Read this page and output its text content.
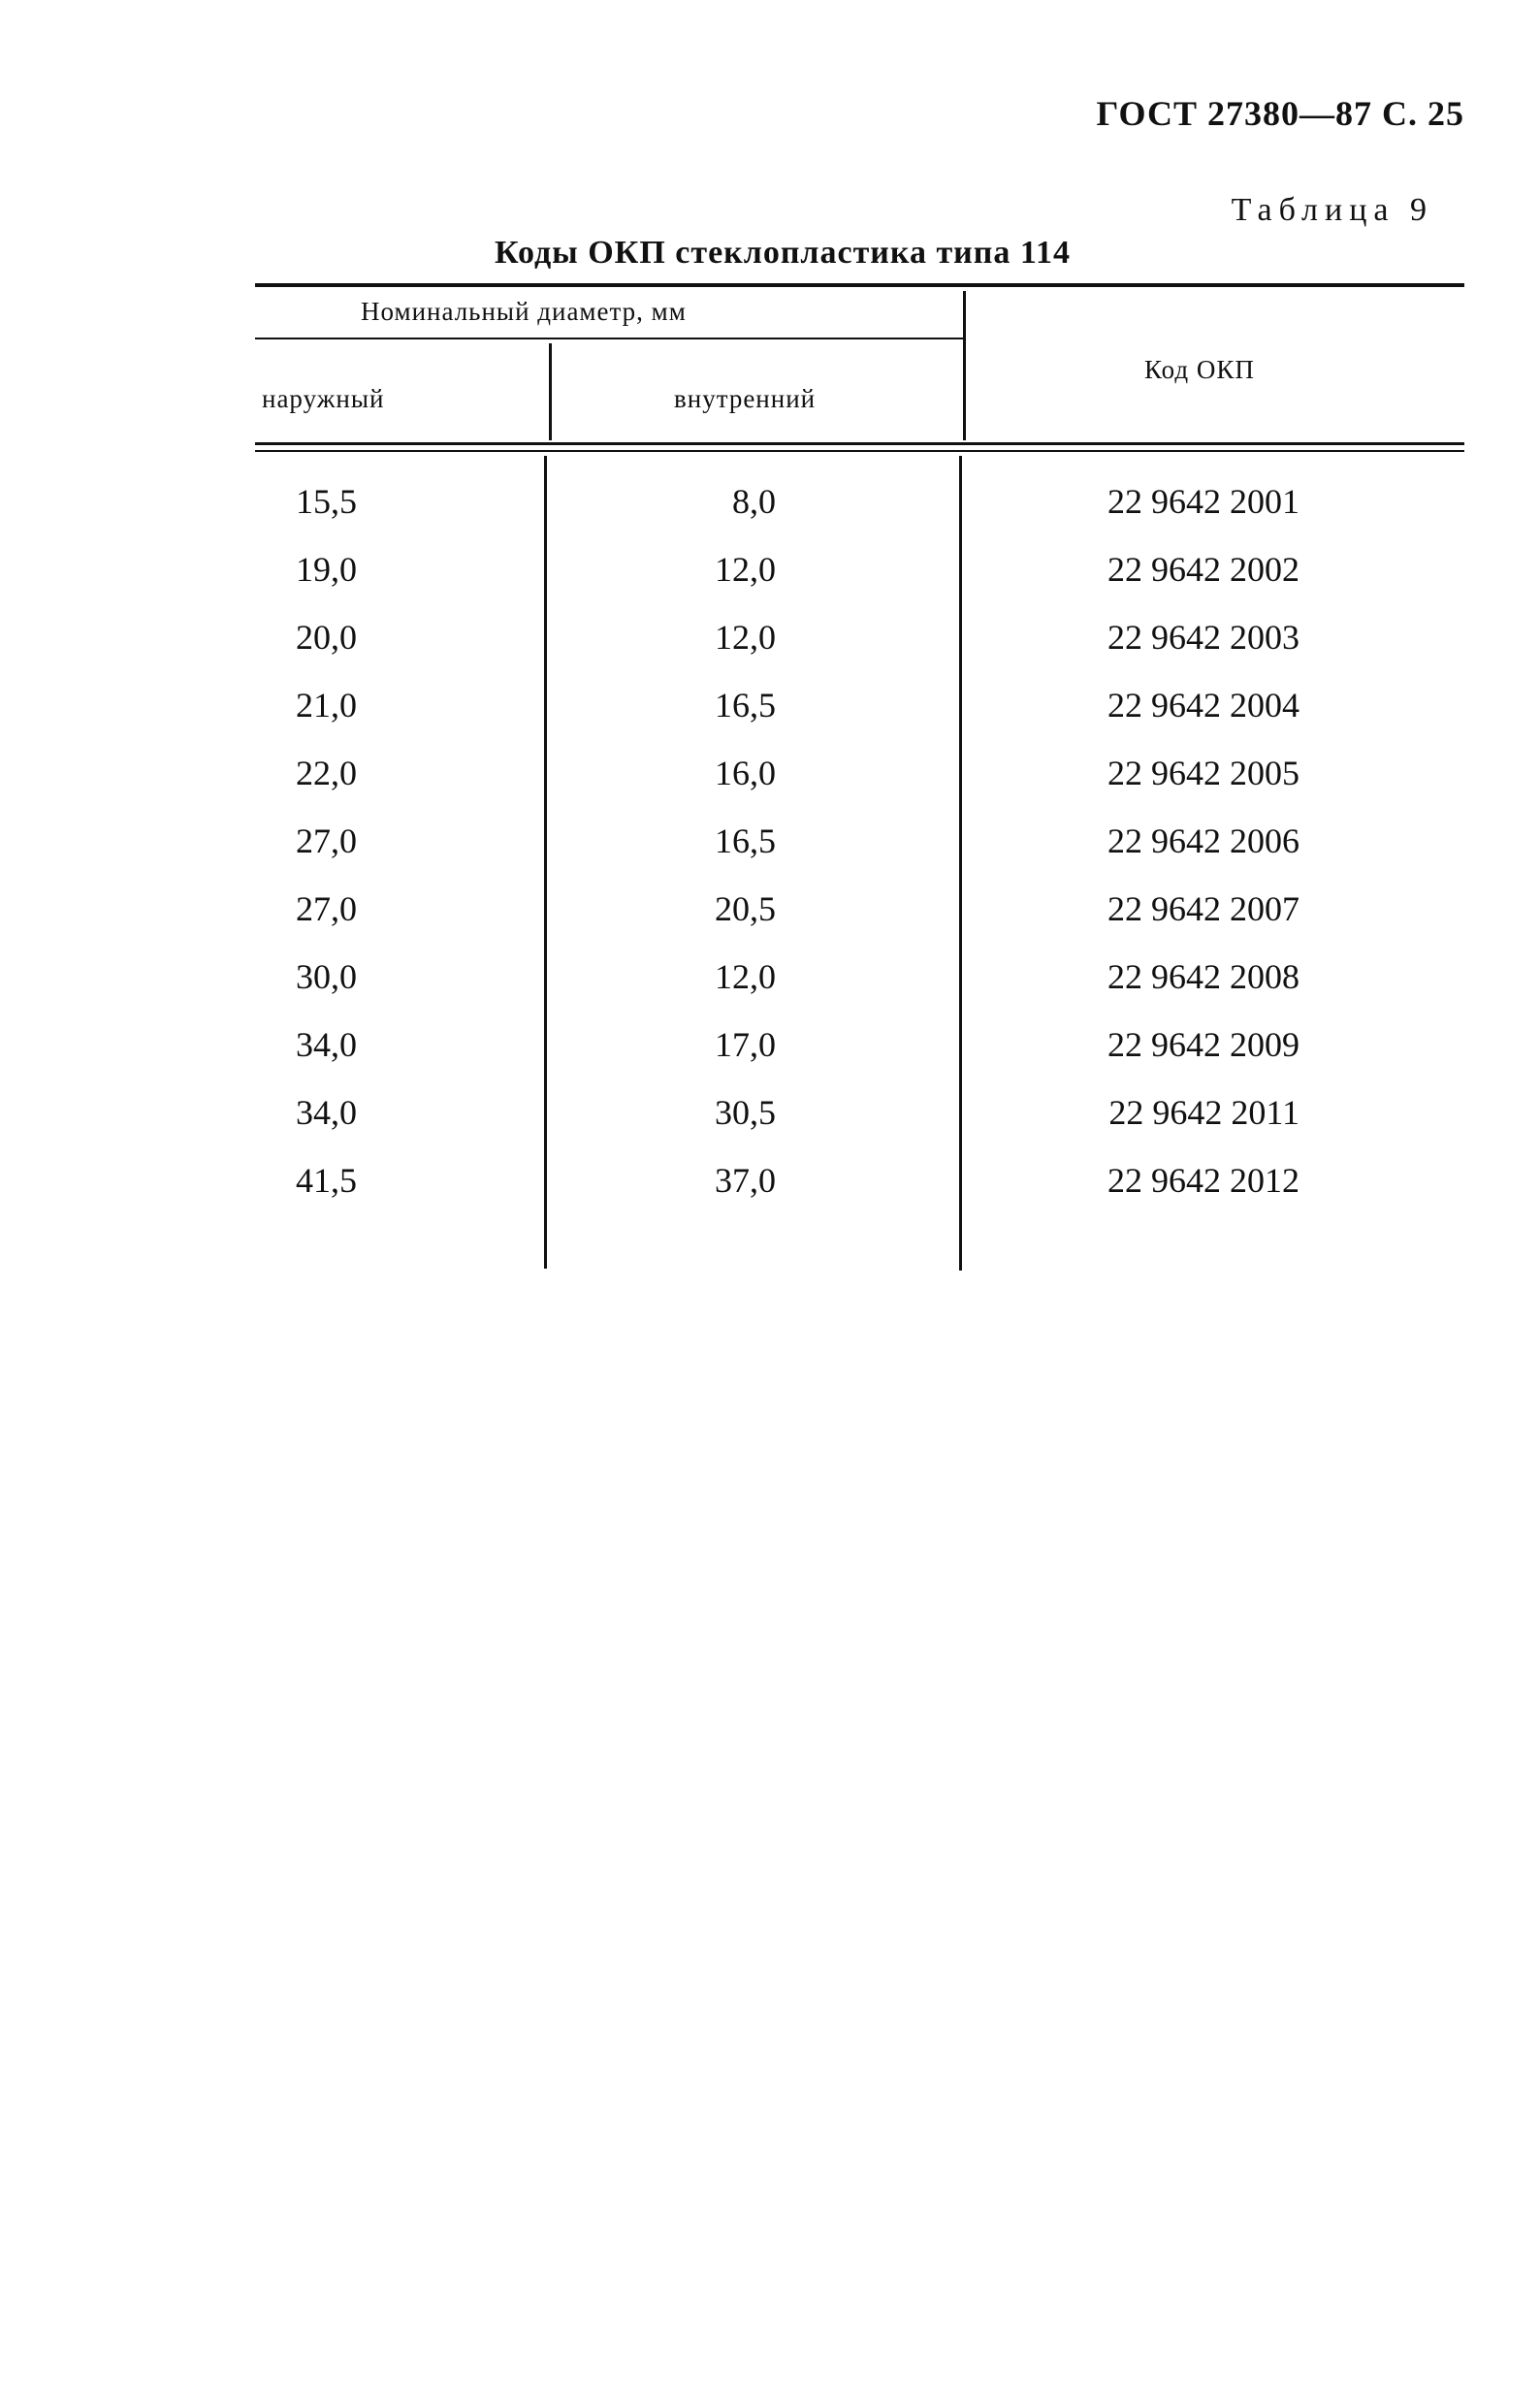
ГОСТ 27380—87 С. 25
Таблица 9
Коды ОКП стеклопластика типа 114
Номинальный диаметр, мм
наружный	внутренний
Код ОКП
15,5	8,0	22 9642 2001
19,0	12,0	22 9642 2002
20,0	12,0	22 9642 2003
21,0	16,5	22 9642 2004
22,0	16,0	22 9642 2005
27,0	16,5	22 9642 2006
27,0	20,5	22 9642 2007
30,0	12,0	22 9642 2008
34,0	17,0	22 9642 2009
34,0	30,5	22 9642 2011
41,5	37,0	22 9642 2012
